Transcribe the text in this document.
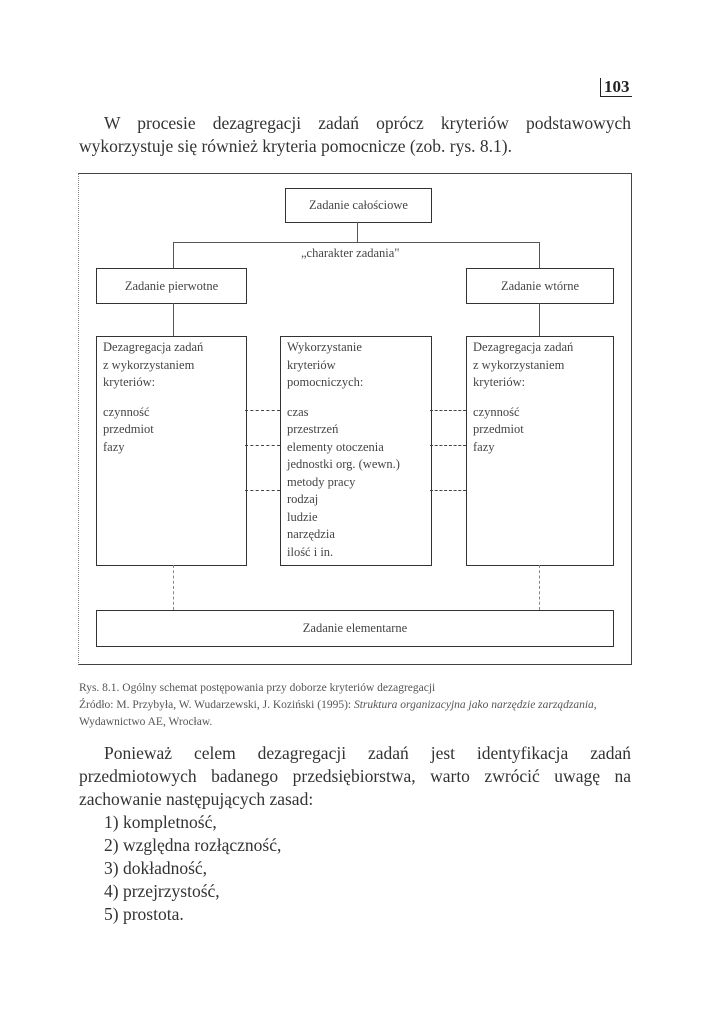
103

W procesie dezagregacji zadań oprócz kryteriów podstawowych wykorzystuje się również kryteria pomocnicze (zob. rys. 8.1).

Zadanie całościowe
„charakter zadania"
Zadanie pierwotne	Zadanie wtórne
Dezagregacja zadań
z wykorzystaniem
kryteriów:
czynność
przedmiot
fazy
Wykorzystanie
kryteriów
pomocniczych:
czas
przestrzeń
elementy otoczenia
jednostki org. (wewn.)
metody pracy
rodzaj
ludzie
narzędzia
ilość i in.
Dezagregacja zadań
z wykorzystaniem
kryteriów:
czynność
przedmiot
fazy
Zadanie elementarne
Rys. 8.1. Ogólny schemat postępowania przy doborze kryteriów dezagregacji
Źródło: M. Przybyła, W. Wudarzewski, J. Koziński (1995): Struktura organizacyjna jako narzędzie zarządzania, Wydawnictwo AE, Wrocław.

Ponieważ celem dezagregacji zadań jest identyfikacja zadań przedmiotowych badanego przedsiębiorstwa, warto zwrócić uwagę na zachowanie następujących zasad:

1) kompletność,
2) względna rozłączność,
3) dokładność,
4) przejrzystość,
5) prostota.
